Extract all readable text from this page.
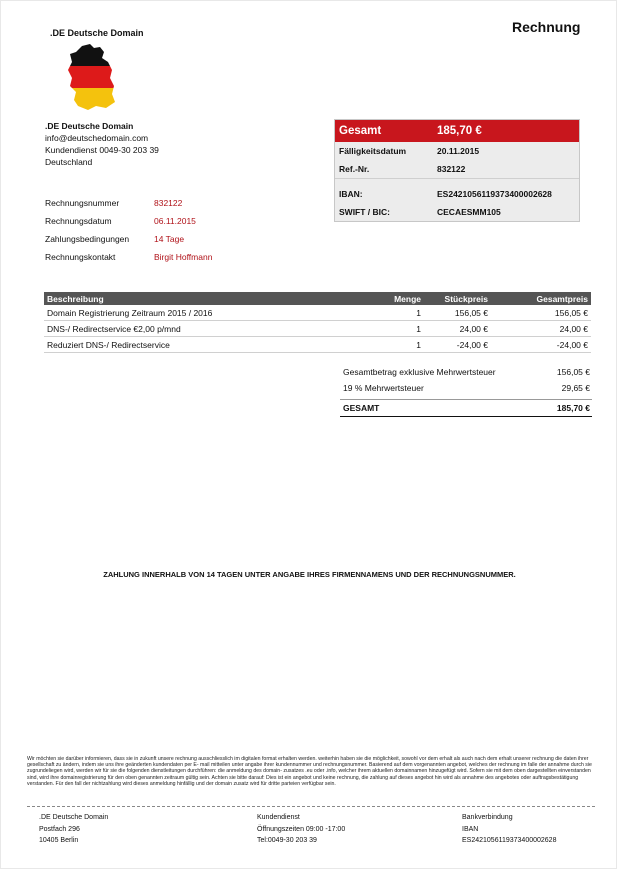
.DE Deutsche Domain	Rechnung
.DE Deutsche Domain
info@deutschedomain.com
Kundendienst 0049-30 203 39
Deutschland
Rechnungsnummer	832122
Rechnungsdatum	06.11.2015
Zahlungsbedingungen	14 Tage
Rechnungskontakt	Birgit Hoffmann
Gesamt	185,70 €
Fälligkeitsdatum	20.11.2015
Ref.-Nr.	832122
IBAN:	ES2421056119373400002628
SWIFT / BIC:	CECAESMM105
Beschreibung	Menge	Stückpreis	Gesamtpreis
Domain Registrierung Zeitraum 2015 / 2016	1	156,05 €	156,05 €
DNS-/ Redirectservice €2,00 p/mnd	1	24,00 €	24,00 €
Reduziert DNS-/ Redirectservice	1	-24,00 €	-24,00 €
Gesamtbetrag exklusive Mehrwertsteuer	156,05 €
19 % Mehrwertsteuer	29,65 €
GESAMT	185,70 €
ZAHLUNG INNERHALB VON 14 TAGEN UNTER ANGABE IHRES FIRMENNAMENS UND DER RECHNUNGSNUMMER.
Wir möchten sie darüber informieren, dass sie in zukunft unsere rechnung ausschliesslich im digitalen format erhalten werden. weiterhin haben sie die möglichkeit, sowohl vor dem erhalt als auch nach dem erhalt unserer rechnung die daten ihrer gesellschaft zu ändern, indem sie uns ihre geänderten kundendaten per E- mail mitteilen unter angabe ihrer kundennummer und rechnungsnummer. Basierend auf dem vorgenannten angebot, welches der rechnung im falle der annahme durch sie zugrundeliegen wird, werden wir für sie die folgenden dienstleitungen durchführen: die anmeldung des domain- zusatzes .eu oder .info, welcher ihrem aktuellen domainnamen hinzugefügt wird. Sofern sie mit dem oben dargestellten einverstanden sind, wird ihre domainregistrierung für den oben genannten zeitraum gültig sein. Achten sie bitte darauf: Dies ist ein angebot und keine rechnung, die zahlung auf dieses angebot hin wird als annahme des angebotes oder auftragsbestätigung verstanden. Für den fall der nichtzahlung wird dieses anmeldung hinfällig und der domain zusatz wird für dritte parteien verfügbar sein.
.DE Deutsche Domain
Postfach 296
10405 Berlin
Kundendienst
Öffnungszeiten 09:00 -17:00
Tel:0049-30 203 39
Bankverbindung
IBAN
ES2421056119373400002628
